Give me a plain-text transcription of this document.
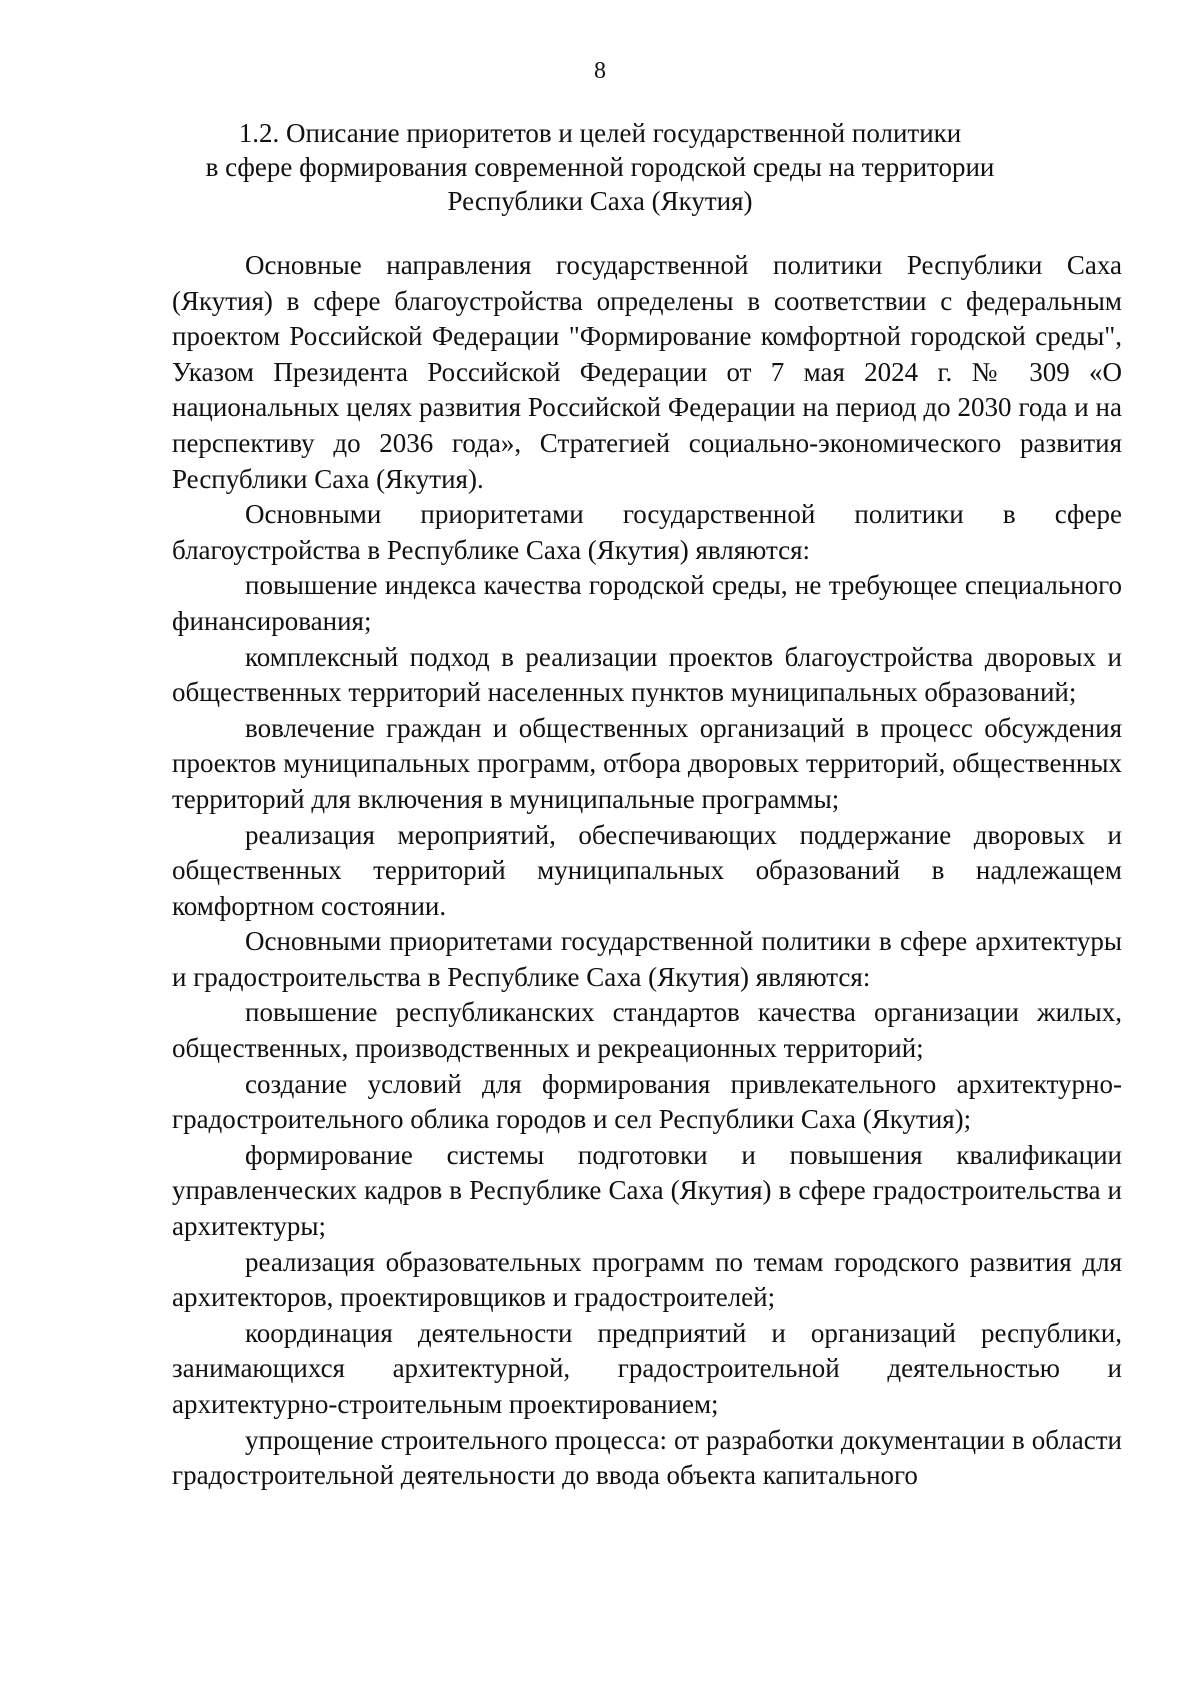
8
1.2. Описание приоритетов и целей государственной политики
в сфере формирования современной городской среды на территории
Республики Саха (Якутия)

Основные направления государственной политики Республики Саха (Якутия) в сфере благоустройства определены в соответствии с федеральным проектом Российской Федерации "Формирование комфортной городской среды", Указом Президента Российской Федерации от 7 мая 2024 г. № 309 «О национальных целях развития Российской Федерации на период до 2030 года и на перспективу до 2036 года», Стратегией социально-экономического развития Республики Саха (Якутия).

Основными приоритетами государственной политики в сфере благоустройства в Республике Саха (Якутия) являются:

повышение индекса качества городской среды, не требующее специального финансирования;

комплексный подход в реализации проектов благоустройства дворовых и общественных территорий населенных пунктов муниципальных образований;

вовлечение граждан и общественных организаций в процесс обсуждения проектов муниципальных программ, отбора дворовых территорий, общественных территорий для включения в муниципальные программы;

реализация мероприятий, обеспечивающих поддержание дворовых и общественных территорий муниципальных образований в надлежащем комфортном состоянии.

Основными приоритетами государственной политики в сфере архитектуры и градостроительства в Республике Саха (Якутия) являются:

повышение республиканских стандартов качества организации жилых, общественных, производственных и рекреационных территорий;

создание условий для формирования привлекательного архитектурно-градостроительного облика городов и сел Республики Саха (Якутия);

формирование системы подготовки и повышения квалификации управленческих кадров в Республике Саха (Якутия) в сфере градостроительства и архитектуры;

реализация образовательных программ по темам городского развития для архитекторов, проектировщиков и градостроителей;

координация деятельности предприятий и организаций республики, занимающихся архитектурной, градостроительной деятельностью и архитектурно-строительным проектированием;

упрощение строительного процесса: от разработки документации в области градостроительной деятельности до ввода объекта капитального
